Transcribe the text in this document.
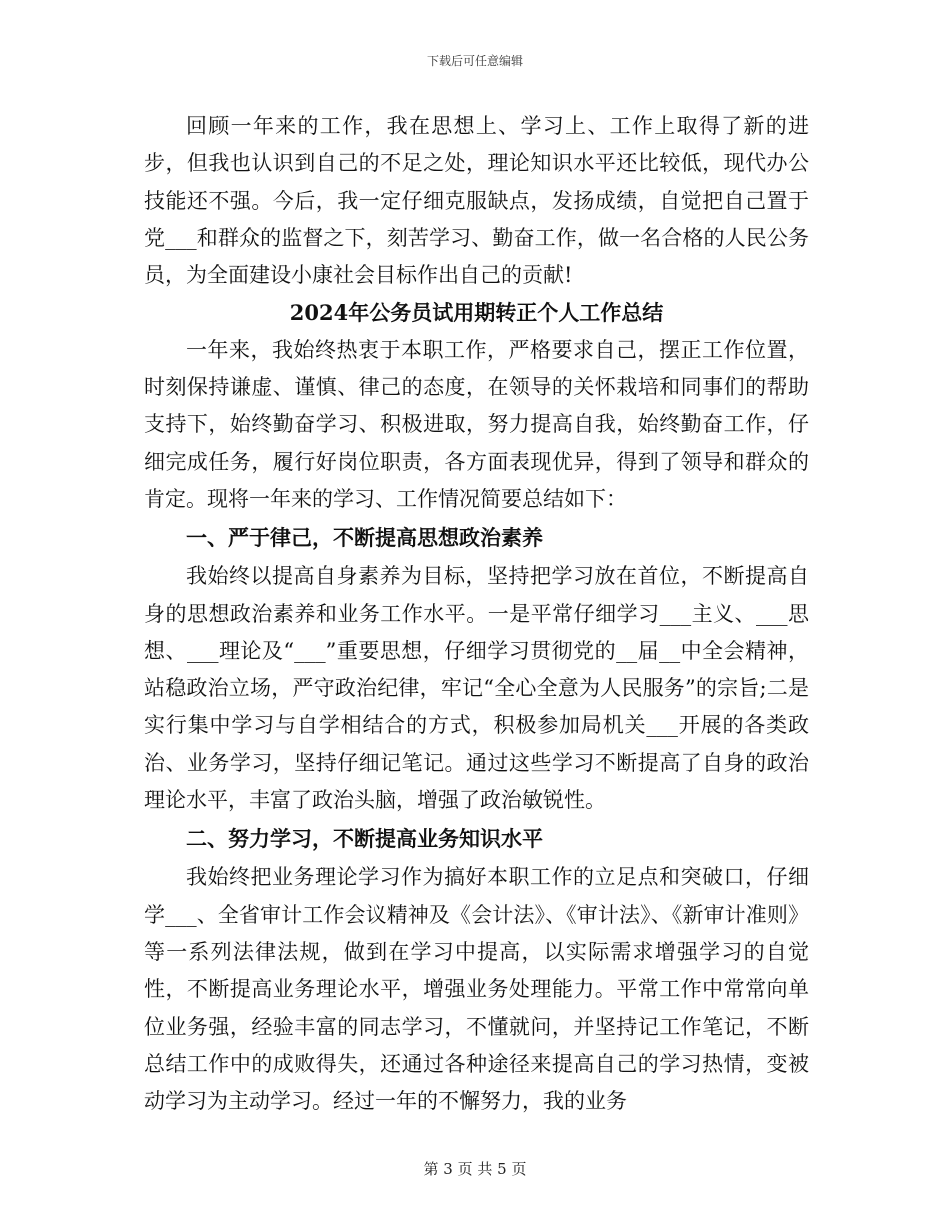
下载后可任意编辑

回顾一年来的工作，我在思想上、学习上、工作上取得了新的进步，但我也认识到自己的不足之处，理论知识水平还比较低，现代办公技能还不强。今后，我一定仔细克服缺点，发扬成绩，自觉把自己置于党___和群众的监督之下，刻苦学习、勤奋工作，做一名合格的人民公务员，为全面建设小康社会目标作出自己的贡献!

2024年公务员试用期转正个人工作总结

一年来，我始终热衷于本职工作，严格要求自己，摆正工作位置，时刻保持谦虚、谨慎、律己的态度，在领导的关怀栽培和同事们的帮助支持下，始终勤奋学习、积极进取，努力提高自我，始终勤奋工作，仔细完成任务，履行好岗位职责，各方面表现优异，得到了领导和群众的肯定。现将一年来的学习、工作情况简要总结如下：

一、严于律己，不断提高思想政治素养

我始终以提高自身素养为目标，坚持把学习放在首位，不断提高自身的思想政治素养和业务工作水平。一是平常仔细学习___主义、___思想、___理论及“___”重要思想，仔细学习贯彻党的__届__中全会精神，站稳政治立场，严守政治纪律，牢记“全心全意为人民服务”的宗旨;二是实行集中学习与自学相结合的方式，积极参加局机关___开展的各类政治、业务学习，坚持仔细记笔记。通过这些学习不断提高了自身的政治理论水平，丰富了政治头脑，增强了政治敏锐性。

二、努力学习，不断提高业务知识水平

我始终把业务理论学习作为搞好本职工作的立足点和突破口，仔细学___、全省审计工作会议精神及《会计法》、《审计法》、《新审计准则》等一系列法律法规，做到在学习中提高，以实际需求增强学习的自觉性，不断提高业务理论水平，增强业务处理能力。平常工作中常常向单位业务强，经验丰富的同志学习，不懂就问，并坚持记工作笔记，不断总结工作中的成败得失，还通过各种途径来提高自己的学习热情，变被动学习为主动学习。经过一年的不懈努力，我的业务

第 3 页 共 5 页
